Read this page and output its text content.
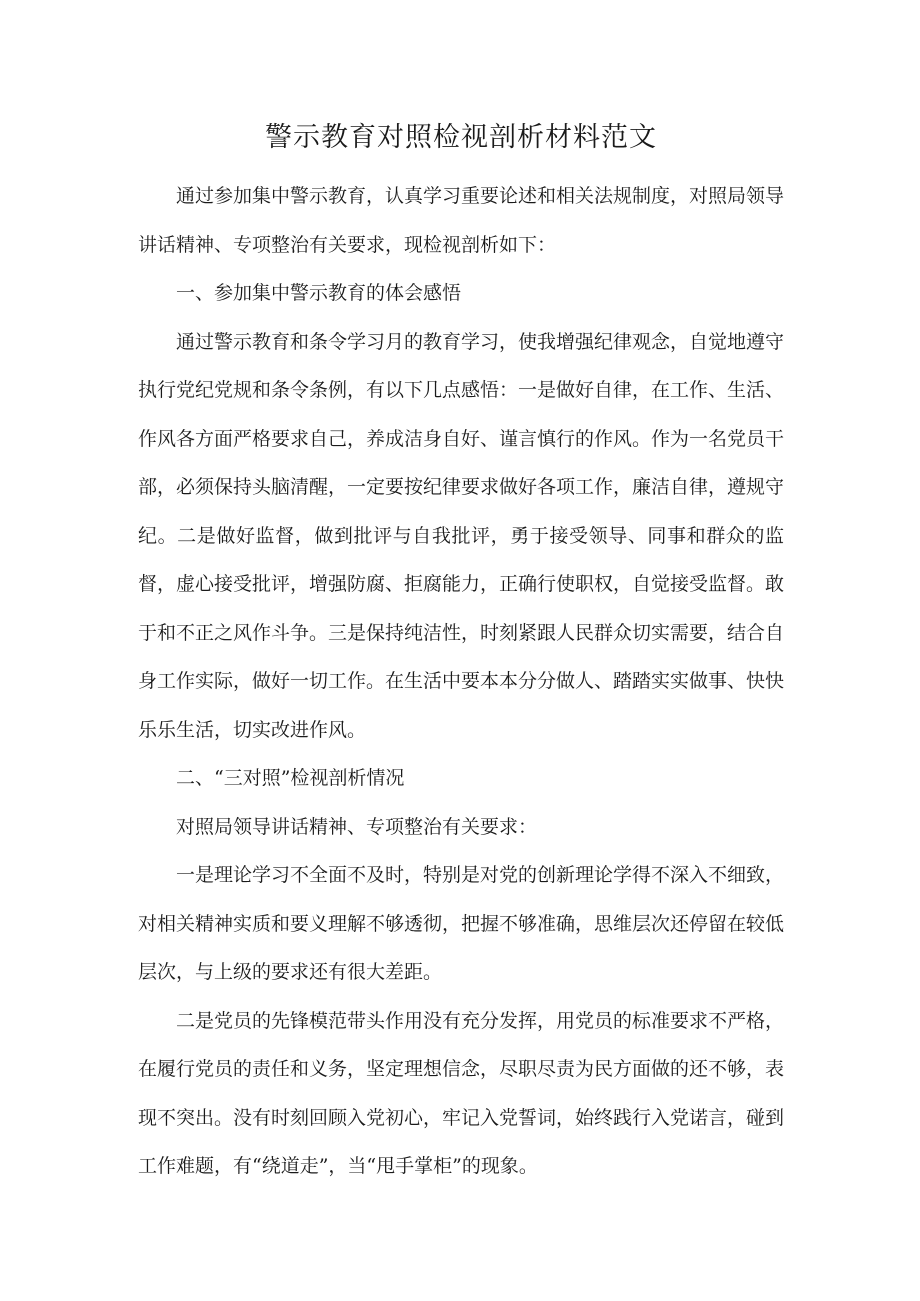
警示教育对照检视剖析材料范文

通过参加集中警示教育，认真学习重要论述和相关法规制度，对照局领导讲话精神、专项整治有关要求，现检视剖析如下：

一、参加集中警示教育的体会感悟

通过警示教育和条令学习月的教育学习，使我增强纪律观念，自觉地遵守执行党纪党规和条令条例，有以下几点感悟：一是做好自律，在工作、生活、作风各方面严格要求自己，养成洁身自好、谨言慎行的作风。作为一名党员干部，必须保持头脑清醒，一定要按纪律要求做好各项工作，廉洁自律，遵规守纪。二是做好监督，做到批评与自我批评，勇于接受领导、同事和群众的监督，虚心接受批评，增强防腐、拒腐能力，正确行使职权，自觉接受监督。敢于和不正之风作斗争。三是保持纯洁性，时刻紧跟人民群众切实需要，结合自身工作实际，做好一切工作。在生活中要本本分分做人、踏踏实实做事、快快乐乐生活，切实改进作风。

二、“三对照”检视剖析情况

对照局领导讲话精神、专项整治有关要求：

一是理论学习不全面不及时，特别是对党的创新理论学得不深入不细致，对相关精神实质和要义理解不够透彻，把握不够准确，思维层次还停留在较低层次，与上级的要求还有很大差距。

二是党员的先锋模范带头作用没有充分发挥，用党员的标准要求不严格，在履行党员的责任和义务，坚定理想信念，尽职尽责为民方面做的还不够，表现不突出。没有时刻回顾入党初心，牢记入党誓词，始终践行入党诺言，碰到工作难题，有“绕道走”，当“甩手掌柜”的现象。
